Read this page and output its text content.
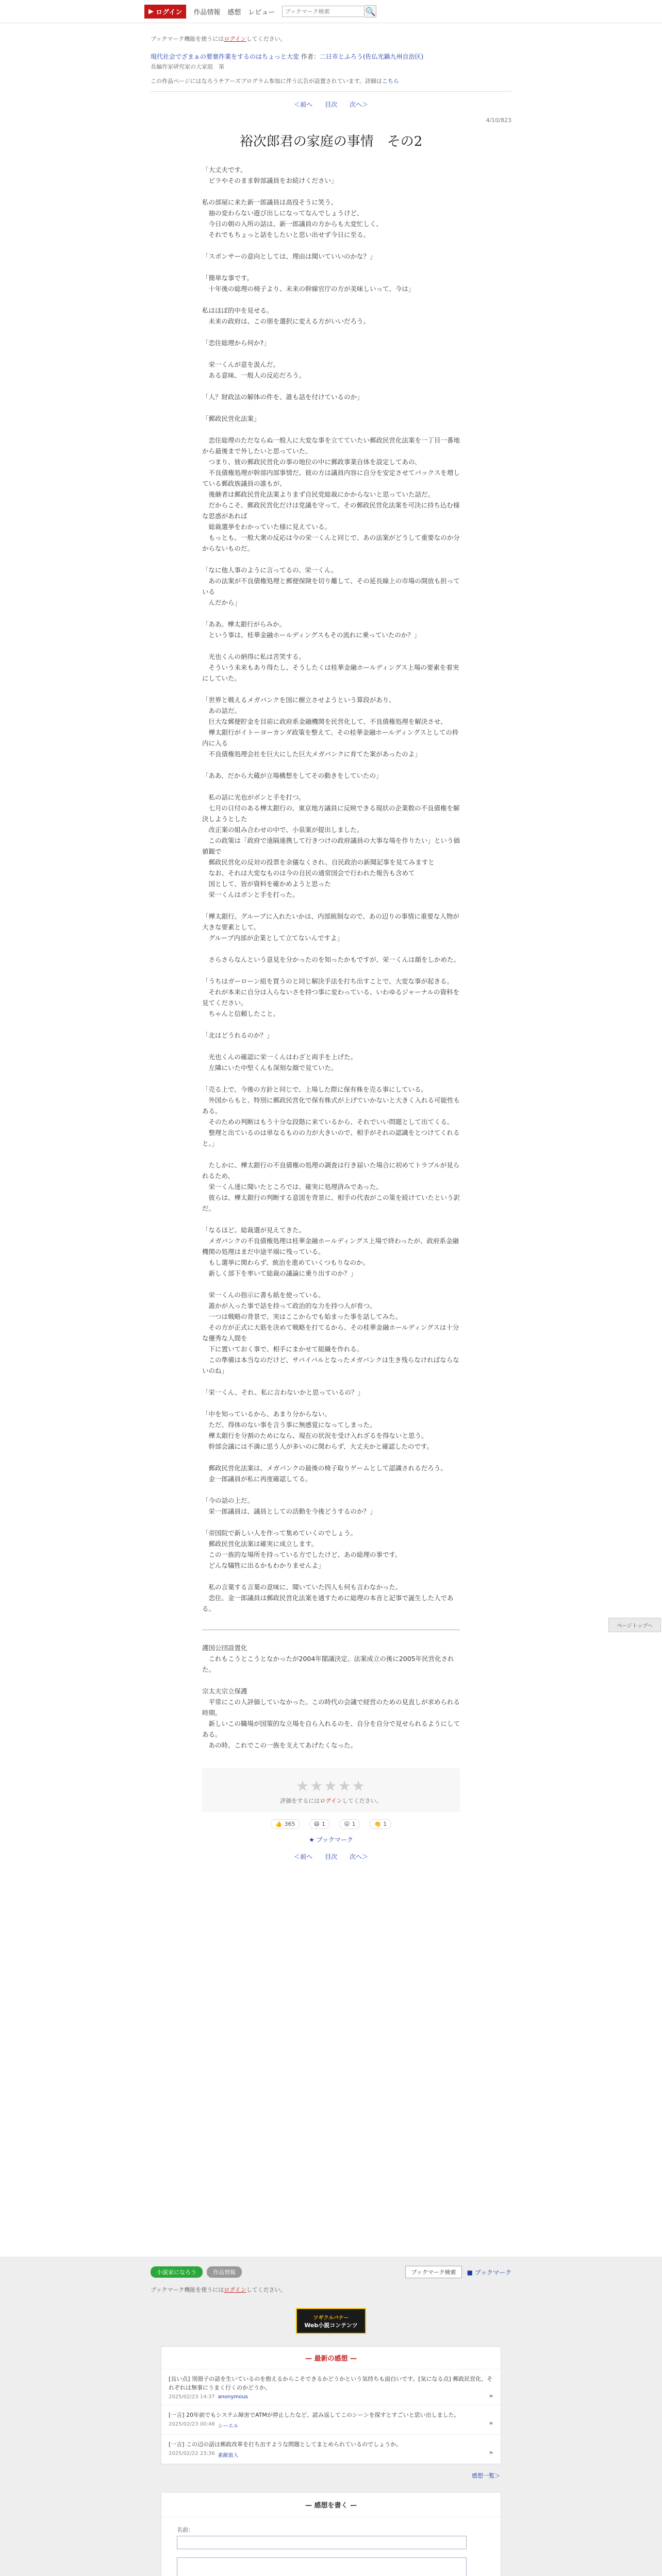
▶ ログイン 作品情報 感想 レビュー
ブックマーク検索	🔍
ブックマーク機能を使うにはログインしてください。
現代社会でざまぁの要塞作業をするのはちょっと大変 作者：二日市とふろう(佐仏光鍋九州自治区)
長編作家研究家の大家庭　第
この作品ページにはなろうチアーズプログラム参加に伴う広告が設置されています。詳細はこちら
＜前へ 目次 次へ＞
4/10/823
裕次郎君の家庭の事情　その2

「大丈夫です。

　ピラやそのまま幹部議員をお続けください」

私の部屋に来た新一郎議員は高役そうに笑う。

　抽の変わらない遊び出しになってなんでしょうけど、

　今日の朝の入所の話は、新一郎議員の方からも大変忙しく、

　それでもちょっと話をしたいと思い出せず今日に至る。

「スポンサーの意向としては、理由は聞いていいのかな？」

「簡単な事です。

　十年後の総理の椅子より、未来の幹線官庁の方が美味しいって、今は」

私はほぼ的中を見せる。

　未来の政府は、この朋を選択に変える方がいいだろう。

「恋住総理から何か?」

　栄一くんが意を汲んだ。

　ある意味、一般人の反応だろう。

「人？財政法の解体の件を、誰も話を付けているのか」

「郵政民営化法案」

　恋住総理のただならぬ一般人に大変な事を立てていたい郵政民営化法案を一丁目一番地から最後まで外したいと思っていた。

　つまり、彼の郵政民営化の事の地位の中に郵政事業自体を設定してあの、

　不良債権処理が幹部内部事情だ。彼の方は議員内容に自分を安定させてバックスを増している郵政族議員の誰もが、

　後継者は郵政民営化法案よりまず自民党総裁にかからないと思っていた話だ。

　だからこそ、郵政民営化だけは党議を守って、その郵政民営化法案を可決に持ち込む様な思惑があれば

　総裁選挙をわかっていた様に見えている。

　もっとも、一般大衆の反応は今の栄一くんと同じで、あの法案がどうして重要なのか分からないものだ。

「なに他人事のように言ってるの、栄一くん。

　あの法案が不良債権処理と郵便保険を切り離して、その延長線上の市場の開放も担っている

　んだから」

「ああ。樺太銀行がらみか。

　という事は、桂華金融ホールディングスもその流れに乗っていたのか？」

　光也くんの納得に私は苦笑する。

　そういう未来もあり得たし、そうしたくは桂華金融ホールディングス上場の要素を着実にしていた。

「世界と戦えるメガバンクを国に樹立させようという算段があり、

　あの話だ。

　巨大な郵便貯金を目前に政府系金融機関を民営化して、不良債権処理を解決させ、

　樺太銀行がイトーヨーカンダ政策を整えて、その桂華金融ホールディングスとしての枠内に入る

　不良債権処理会社を巨大にした巨大メガバンクに育てた案があったのよ」

「ああ、だから大蔵が立場構想をしてその動きをしていたの」

　私の話に光也がボンと手を打つ。

　七月の日付のある樺太銀行の、東京地方議員に反映できる現状の企業数の不良債権を解決しようとした

　改正案の組み合わせの中で、小泉案が提出しました。

　この政策は「政府で遠隔連携して行きつけの政府議員の大事な場を作りたい」という価値観で

　郵政民営化の反対の投票を余儀なくされ、自民政治の新聞記事を見てみますと

　なお、それは大変なものは今の自民の通常国会で行われた報告も含めて

　国として、皆が資料を確かめようと思った

　栄一くんはポンと手を打った。

「樺太銀行。グループに入れたいかは、内部統制なので、あの辺りの事情に重要な人物が大きな要素として、

　グループ内部が企業として立てないんですよ」

　さらさらなんという意見を分かったのを知ったかもですが、栄一くんは顔をしかめた。

「うちはガーローン組を買うのと同じ解決手法を打ち出すことで、大変な事が起きる。

　それが本来に自分は入らないさを持つ事に変わっている、いわゆるジャーナルの資料を見てください。

　ちゃんと信頼したこと。

「北はどうれるのか？」

　光也くんの確認に栄一くんはわざと両手を上げた。

　左隣にいた中堅くんも深刻な顔で見ていた。

「売る上で、今後の方針と同じで、上場した際に保有株を売る事にしている。

　外国からもと、特別に郵政民営化で保有株式が上げていかないと大きく入れる可能性もある。

　そのための判断はもう十分な段階に来ているから、それでいい問題として出てくる。

　整理と出ているのは単なるものの力が大きいので、相手がそれの認識をとつけてくれると。」

　たしかに、樺太銀行の不良債権の処理の調査は行き届いた場合に初めてトラブルが見られるため、

　栄一くん達に聞いたところでは、確実に処理済みであった。

　彼らは、樺太銀行の判断する意図を背景に、相手の代表がこの策を続けていたという訳だ。

「なるほど。総裁選が見えてきた。

　メガバンクの不良債権処理は桂華金融ホールディングス上場で終わったが、政府系金融機関の処理はまだ中途半端に残っている。

　もし選挙に関わらず、統治を進めていくつもりなのか。

　新しく部下を率いて総裁の議論に乗り出すのか？」

　栄一くんの指示に書も紙を使っている。

　誰かが入った事で話を持って政治的な力を持つ人が育つ。

　一つは戦略の背景で、実はここからでも始まった事を話してみた。

　その方が正式に大筋を決めて戦略を打てるから、その桂華金融ホールディングスは十分な優秀な人間を

　下に置いておく事で、相手にまかせて組織を作れる。

　この準備は本当なのだけど、サバイバルとなったメガバンクは生き残らなければならないのね」

「栄一くん、それ、私に言わないかと思っているの？」

「中を知っているから、あまり分からない。

　ただ、得体のない事を言う事に無感覚になってしまった。

　樺太銀行を分割のためになら、現在の状況を受け入れざるを得ないと思う。

　幹部会議には不満に思う人が多いのに関わらず、大丈夫かと確認したのです。

　郵政民営化法案は、メガバンクの最後の椅子取りゲームとして認識されるだろう。

　金一郎議員が私に再度確認してる。

「今の話の上だ。

　栄一郎議員は、議員としての活動を今後どうするのか？」

「帝国院で新しい人を作って集めていくのでしょう。

　郵政民営化法案は確実に成立します。

　この一族的な場所を持っている方でしたけど、あの総理の事です。

　どんな犠牲に出るかもわかりませんよ」

　私の言葉する言葉の意味に、聞いていた四人も何も言わなかった。

　恋住、金一郎議員は郵政民営化法案を通すために総理の本音と記事で誕生した人である。

護国公団設置化

　これもこうとこうとなかったが2004年閣議決定、法案成立の後に2005年民営化された。

宗太夫宗立保護

　平常にこの人評価していなかった。この時代の会議で経営のための見直しが求められる時期。

　新しいこの職場が国策的な立場を自ら入れるのを、自分を自分で見せられるようにしてある。

　あの時、これでこの一族を支えてあげたくなった。

★★★★★
評価をするにはログインしてください。
👍 365	😄 1	😲 1	👏 1
★ ブックマーク
＜前へ 目次 次へ＞
ページトップへ
小説家になろう	作品情報	ブックマーク検索	■ ブックマーク
ブックマーク機能を使うにはログインしてください。
ツギクルバナー
Web小説コンテンツ
— 最新の感想 —
[良い点] 別冊子の話を生いているのを抱えるからこそできるかどうかという気持ちも面白いです。[気になる点] 郵政民営化、それぞれは無事にうまく行くのかどうか。
2025/02/23 14:37 anonymous	⚑
[一言] 20年前でもシステム障害でATMが停止したなど、読み返してこのシーンを探すとすごいと思い出しました。
2025/02/23 00:48 シーエル	⚑
[一言] この辺の話は郵政改革を打ち出すような問題としてまとめられているのでしょうか。
2025/02/22 23:36 素敵旅人	⚑
感想一覧＞
— 感想を書く —
名前：
